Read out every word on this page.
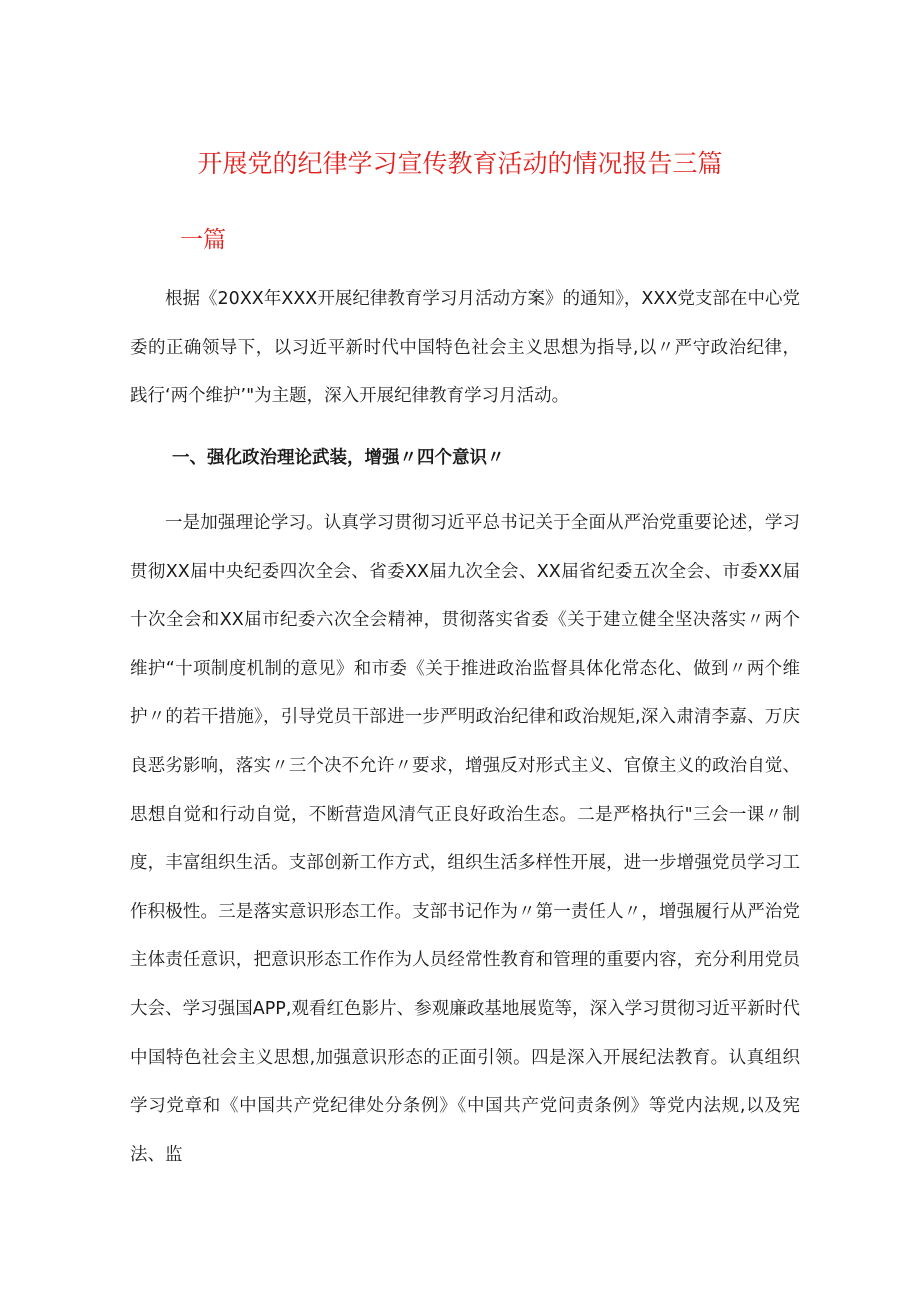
开展党的纪律学习宣传教育活动的情况报告三篇
一篇

根据《20XX年XXX开展纪律教育学习月活动方案》的通知》，XXX党支部在中心党委的正确领导下，以习近平新时代中国特色社会主义思想为指导,以〃严守政治纪律，践行‘两个维护’"为主题，深入开展纪律教育学习月活动。

一、强化政治理论武装，增强〃四个意识〃

一是加强理论学习。认真学习贯彻习近平总书记关于全面从严治党重要论述，学习贯彻XX届中央纪委四次全会、省委XX届九次全会、XX届省纪委五次全会、市委XX届十次全会和XX届市纪委六次全会精神，贯彻落实省委《关于建立健全坚决落实〃两个维护“十项制度机制的意见》和市委《关于推进政治监督具体化常态化、做到〃两个维护〃的若干措施》，引导党员干部进一步严明政治纪律和政治规矩,深入肃清李嘉、万庆良恶劣影响，落实〃三个决不允许〃要求，增强反对形式主义、官僚主义的政治自觉、思想自觉和行动自觉，不断营造风清气正良好政治生态。二是严格执行"三会一课〃制度，丰富组织生活。支部创新工作方式，组织生活多样性开展，进一步增强党员学习工作积极性。三是落实意识形态工作。支部书记作为〃第一责任人〃，增强履行从严治党主体责任意识，把意识形态工作作为人员经常性教育和管理的重要内容，充分利用党员大会、学习强国APP,观看红色影片、参观廉政基地展览等，深入学习贯彻习近平新时代中国特色社会主义思想,加强意识形态的正面引领。四是深入开展纪法教育。认真组织学习党章和《中国共产党纪律处分条例》《中国共产党问责条例》等党内法规,以及宪法、监
